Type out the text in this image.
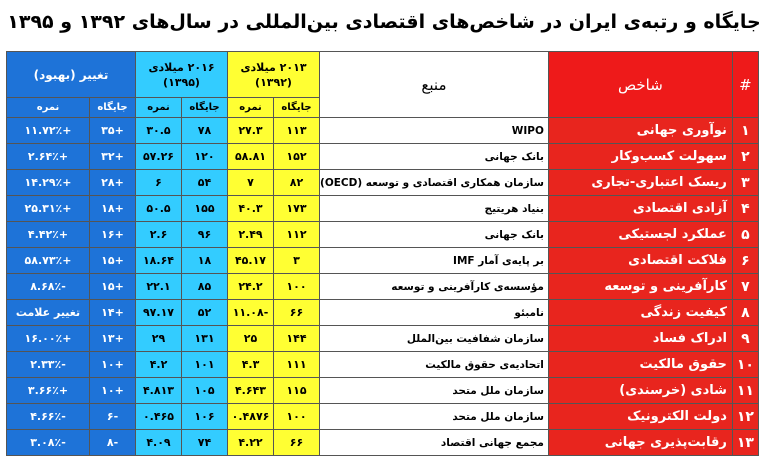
جایگاه و رتبه‌ی ایران در شاخص‌های اقتصادی بین‌المللی در سال‌های ۱۳۹۲ و ۱۳۹۵
#	شاخص	منبع	۲۰۱۳ میلادی
(۱۳۹۲)		۲۰۱۶ میلادی
(۱۳۹۵)		تغییر (بهبود)	
			جایگاه	نمره	جایگاه	نمره	جایگاه	نمره
۱	نوآوری جهانی	WIPO	۱۱۳	۲۷.۳	۷۸	۳۰.۵	+۳۵	+۱۱.۷۲٪
۲	سهولت کسب‌وکار	بانک جهانی	۱۵۲	۵۸.۸۱	۱۲۰	۵۷.۲۶	+۳۲	+۲.۶۴٪
۳	ریسک اعتباری-تجاری	سازمان همکاری اقتصادی و توسعه (OECD)	۸۲	۷	۵۴	۶	+۲۸	+۱۴.۲۹٪
۴	آزادی اقتصادی	بنیاد هریتیج	۱۷۳	۴۰.۳	۱۵۵	۵۰.۵	+۱۸	+۲۵.۳۱٪
۵	عملکرد لجستیکی	بانک جهانی	۱۱۲	۲.۴۹	۹۶	۲.۶	+۱۶	+۴.۴۲٪
۶	فلاکت اقتصادی	بر پایه‌ی آمار IMF	۳	۴۵.۱۷	۱۸	۱۸.۶۴	+۱۵	+۵۸.۷۳٪
۷	کارآفرینی و توسعه	مؤسسه‌ی کارآفرینی و توسعه	۱۰۰	۲۴.۲	۸۵	۲۲.۱	+۱۵	-۸.۶۸٪
۸	کیفیت زندگی	نامبئو	۶۶	-۱۱.۰۸	۵۲	۹۷.۱۷	+۱۴	تغییر علامت
۹	ادراک فساد	سازمان شفافیت بین‌الملل	۱۴۴	۲۵	۱۳۱	۲۹	+۱۳	+۱۶.۰۰٪
۱۰	حقوق مالکیت	اتحادیه‌ی حقوق مالکیت	۱۱۱	۴.۳	۱۰۱	۴.۲	+۱۰	-۲.۳۳٪
۱۱	شادی (خرسندی)	سازمان ملل متحد	۱۱۵	۴.۶۴۳	۱۰۵	۴.۸۱۳	+۱۰	+۳.۶۶٪
۱۲	دولت الکترونیک	سازمان ملل متحد	۱۰۰	۰.۴۸۷۶	۱۰۶	۰.۴۶۵	-۶	-۴.۶۶٪
۱۳	رقابت‌پذیری جهانی	مجمع جهانی اقتصاد	۶۶	۴.۲۲	۷۴	۴.۰۹	-۸	-۳.۰۸٪
